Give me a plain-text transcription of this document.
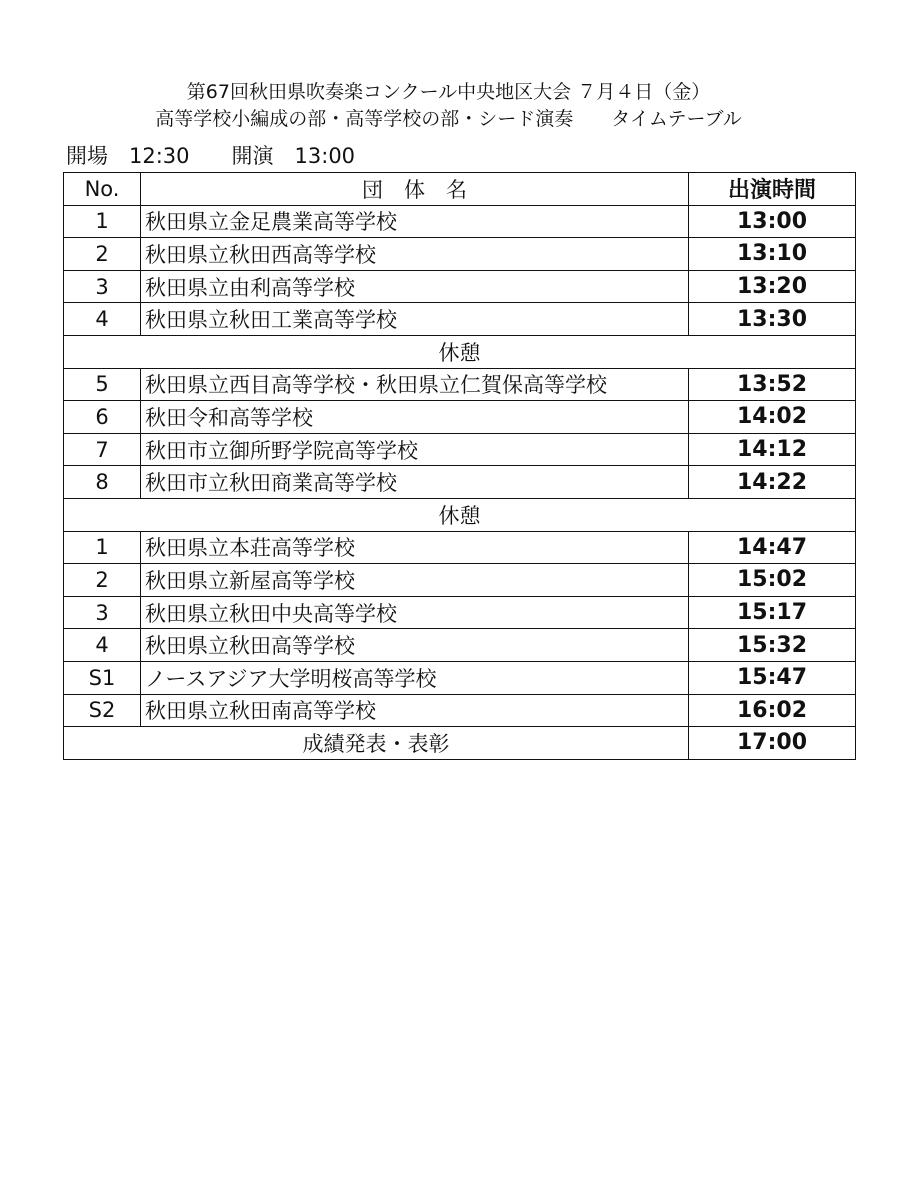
第67回秋田県吹奏楽コンクール中央地区大会 ７月４日（金）
高等学校小編成の部・高等学校の部・シード演奏　　タイムテーブル
開場　12:30　　開演　13:00
No.	団　体　名	出演時間
1	秋田県立金足農業高等学校	13:00
2	秋田県立秋田西高等学校	13:10
3	秋田県立由利高等学校	13:20
4	秋田県立秋田工業高等学校	13:30
休憩		
5	秋田県立西目高等学校・秋田県立仁賀保高等学校	13:52
6	秋田令和高等学校	14:02
7	秋田市立御所野学院高等学校	14:12
8	秋田市立秋田商業高等学校	14:22
休憩		
1	秋田県立本荘高等学校	14:47
2	秋田県立新屋高等学校	15:02
3	秋田県立秋田中央高等学校	15:17
4	秋田県立秋田高等学校	15:32
S1	ノースアジア大学明桜高等学校	15:47
S2	秋田県立秋田南高等学校	16:02
成績発表・表彰		17:00
